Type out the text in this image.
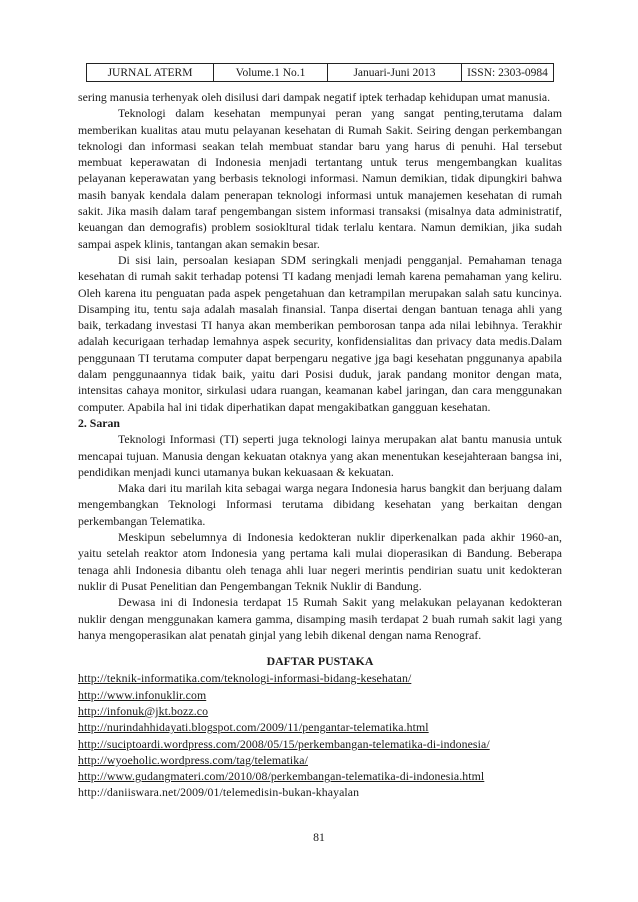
JURNAL ATERM	Volume.1 No.1	Januari-Juni 2013	ISSN: 2303-0984

sering manusia terhenyak oleh disilusi dari dampak negatif iptek terhadap kehidupan umat manusia.

Teknologi dalam kesehatan mempunyai peran yang sangat penting,terutama dalam memberikan kualitas atau mutu pelayanan kesehatan di Rumah Sakit. Seiring dengan perkembangan teknologi dan informasi seakan telah membuat standar baru yang harus di penuhi. Hal tersebut membuat keperawatan di Indonesia menjadi tertantang untuk terus mengembangkan kualitas pelayanan keperawatan yang berbasis teknologi informasi. Namun demikian, tidak dipungkiri bahwa masih banyak kendala dalam penerapan teknologi informasi untuk manajemen kesehatan di rumah sakit. Jika masih dalam taraf pengembangan sistem informasi transaksi (misalnya data administratif, keuangan dan demografis) problem sosiokltural tidak terlalu kentara. Namun demikian, jika sudah sampai aspek klinis, tantangan akan semakin besar.

Di sisi lain, persoalan kesiapan SDM seringkali menjadi pengganjal. Pemahaman tenaga kesehatan di rumah sakit terhadap potensi TI kadang menjadi lemah karena pemahaman yang keliru. Oleh karena itu penguatan pada aspek pengetahuan dan ketrampilan merupakan salah satu kuncinya. Disamping itu, tentu saja adalah masalah finansial. Tanpa disertai dengan bantuan tenaga ahli yang baik, terkadang investasi TI hanya akan memberikan pemborosan tanpa ada nilai lebihnya. Terakhir adalah kecurigaan terhadap lemahnya aspek security, konfidensialitas dan privacy data medis.Dalam penggunaan TI terutama computer dapat berpengaru negative jga bagi kesehatan pnggunanya apabila dalam penggunaannya tidak baik, yaitu dari Posisi duduk, jarak pandang monitor dengan mata, intensitas cahaya monitor, sirkulasi udara ruangan, keamanan kabel jaringan, dan cara menggunakan computer. Apabila hal ini tidak diperhatikan dapat mengakibatkan gangguan kesehatan.

2. Saran

Teknologi Informasi (TI) seperti juga teknologi lainya merupakan alat bantu manusia untuk mencapai tujuan. Manusia dengan kekuatan otaknya yang akan menentukan kesejahteraan bangsa ini, pendidikan menjadi kunci utamanya bukan kekuasaan & kekuatan.

Maka dari itu marilah kita sebagai warga negara Indonesia harus bangkit dan berjuang dalam mengembangkan Teknologi Informasi terutama dibidang kesehatan yang berkaitan dengan perkembangan Telematika.

Meskipun sebelumnya di Indonesia kedokteran nuklir diperkenalkan pada akhir 1960-an, yaitu setelah reaktor atom Indonesia yang pertama kali mulai dioperasikan di Bandung. Beberapa tenaga ahli Indonesia dibantu oleh tenaga ahli luar negeri merintis pendirian suatu unit kedokteran nuklir di Pusat Penelitian dan Pengembangan Teknik Nuklir di Bandung.

Dewasa ini di Indonesia terdapat 15 Rumah Sakit yang melakukan pelayanan kedokteran nuklir dengan menggunakan kamera gamma, disamping masih terdapat 2 buah rumah sakit lagi yang hanya mengoperasikan alat penatah ginjal yang lebih dikenal dengan nama Renograf.

DAFTAR PUSTAKA
http://teknik-informatika.com/teknologi-informasi-bidang-kesehatan/
http://www.infonuklir.com
http://infonuk@jkt.bozz.co
http://nurindahhidayati.blogspot.com/2009/11/pengantar-telematika.html
http://suciptoardi.wordpress.com/2008/05/15/perkembangan-telematika-di-indonesia/
http://wyoeholic.wordpress.com/tag/telematika/
http://www.gudangmateri.com/2010/08/perkembangan-telematika-di-indonesia.html
http://daniiswara.net/2009/01/telemedisin-bukan-khayalan
81
